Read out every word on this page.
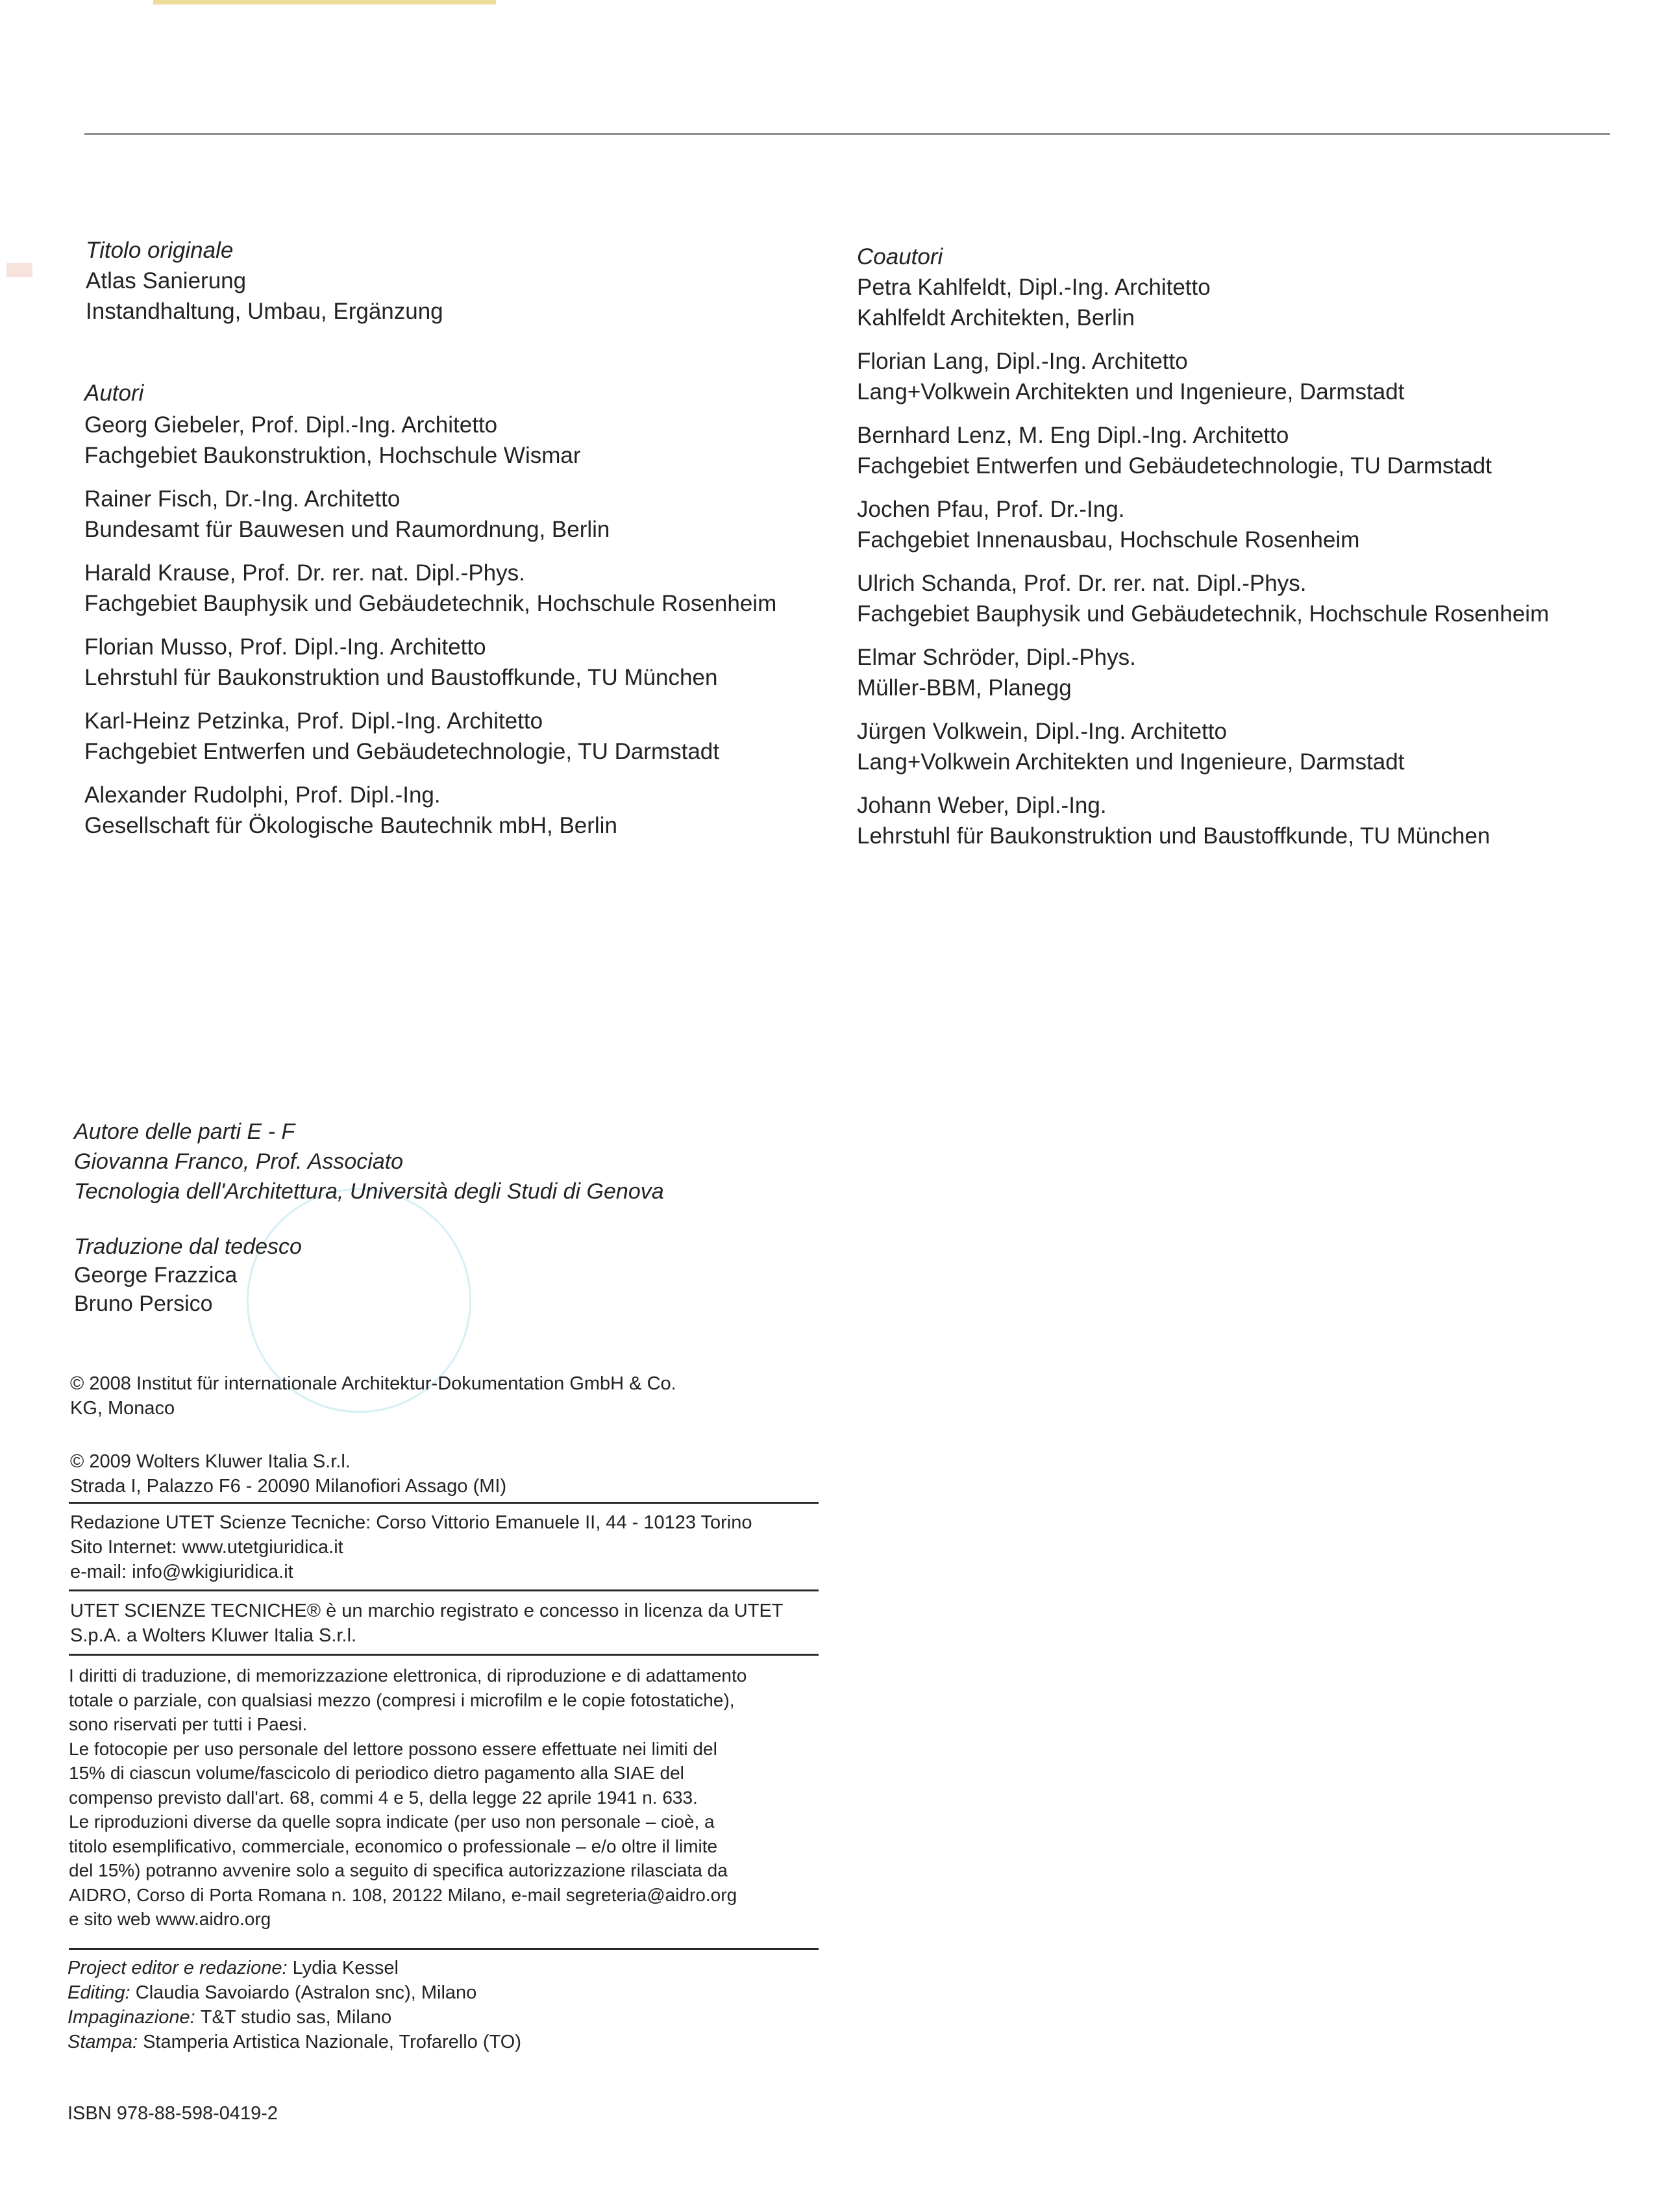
Titolo originale
Atlas Sanierung
Instandhaltung, Umbau, Ergänzung
Autori
Georg Giebeler, Prof. Dipl.-Ing. Architetto
Fachgebiet Baukonstruktion, Hochschule Wismar
Rainer Fisch, Dr.-Ing. Architetto
Bundesamt für Bauwesen und Raumordnung, Berlin
Harald Krause, Prof. Dr. rer. nat. Dipl.-Phys.
Fachgebiet Bauphysik und Gebäudetechnik, Hochschule Rosenheim
Florian Musso, Prof. Dipl.-Ing. Architetto
Lehrstuhl für Baukonstruktion und Baustoffkunde, TU München
Karl-Heinz Petzinka, Prof. Dipl.-Ing. Architetto
Fachgebiet Entwerfen und Gebäudetechnologie, TU Darmstadt
Alexander Rudolphi, Prof. Dipl.-Ing.
Gesellschaft für Ökologische Bautechnik mbH, Berlin
Coautori
Petra Kahlfeldt, Dipl.-Ing. Architetto
Kahlfeldt Architekten, Berlin
Florian Lang, Dipl.-Ing. Architetto
Lang+Volkwein Architekten und Ingenieure, Darmstadt
Bernhard Lenz, M. Eng Dipl.-Ing. Architetto
Fachgebiet Entwerfen und Gebäudetechnologie, TU Darmstadt
Jochen Pfau, Prof. Dr.-Ing.
Fachgebiet Innenausbau, Hochschule Rosenheim
Ulrich Schanda, Prof. Dr. rer. nat. Dipl.-Phys.
Fachgebiet Bauphysik und Gebäudetechnik, Hochschule Rosenheim
Elmar Schröder, Dipl.-Phys.
Müller-BBM, Planegg
Jürgen Volkwein, Dipl.-Ing. Architetto
Lang+Volkwein Architekten und Ingenieure, Darmstadt
Johann Weber, Dipl.-Ing.
Lehrstuhl für Baukonstruktion und Baustoffkunde, TU München
Autore delle parti E - F
Giovanna Franco, Prof. Associato
Tecnologia dell'Architettura, Università degli Studi di Genova
Traduzione dal tedesco
George Frazzica
Bruno Persico
© 2008 Institut für internationale Architektur-Dokumentation GmbH & Co.
KG, Monaco
© 2009 Wolters Kluwer Italia S.r.l.
Strada I, Palazzo F6 - 20090 Milanofiori Assago (MI)
Redazione UTET Scienze Tecniche: Corso Vittorio Emanuele II, 44 - 10123 Torino
Sito Internet: www.utetgiuridica.it
e-mail: info@wkigiuridica.it
UTET SCIENZE TECNICHE® è un marchio registrato e concesso in licenza da UTET
S.p.A. a Wolters Kluwer Italia S.r.l.
I diritti di traduzione, di memorizzazione elettronica, di riproduzione e di adattamento
totale o parziale, con qualsiasi mezzo (compresi i microfilm e le copie fotostatiche),
sono riservati per tutti i Paesi.
Le fotocopie per uso personale del lettore possono essere effettuate nei limiti del
15% di ciascun volume/fascicolo di periodico dietro pagamento alla SIAE del
compenso previsto dall'art. 68, commi 4 e 5, della legge 22 aprile 1941 n. 633.
Le riproduzioni diverse da quelle sopra indicate (per uso non personale – cioè, a
titolo esemplificativo, commerciale, economico o professionale – e/o oltre il limite
del 15%) potranno avvenire solo a seguito di specifica autorizzazione rilasciata da
AIDRO, Corso di Porta Romana n. 108, 20122 Milano, e-mail segreteria@aidro.org
e sito web www.aidro.org
Project editor e redazione: Lydia Kessel
Editing: Claudia Savoiardo (Astralon snc), Milano
Impaginazione: T&T studio sas, Milano
Stampa: Stamperia Artistica Nazionale, Trofarello (TO)
ISBN 978-88-598-0419-2
